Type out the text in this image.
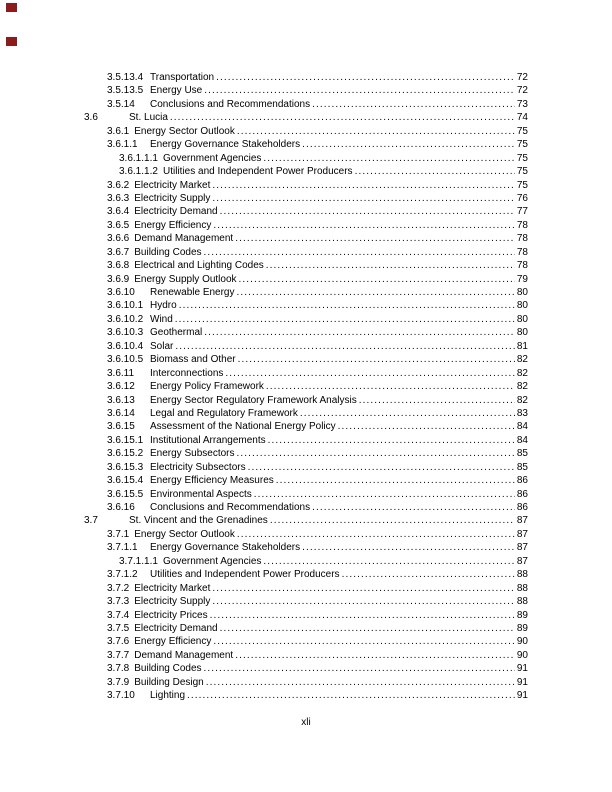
3.5.13.4 Transportation .....	72
3.5.13.5 Energy Use .....	72
3.5.14	Conclusions and Recommendations .....	73
3.6	St. Lucia .....	74
3.6.1 Energy Sector Outlook .....	75
3.6.1.1	Energy Governance Stakeholders .....	75
3.6.1.1.1 Government Agencies .....	75
3.6.1.1.2 Utilities and Independent Power Producers .....	75
3.6.2 Electricity Market .....	75
3.6.3 Electricity Supply .....	76
3.6.4 Electricity Demand .....	77
3.6.5 Energy Efficiency .....	78
3.6.6 Demand Management .....	78
3.6.7 Building Codes .....	78
3.6.8 Electrical and Lighting Codes .....	78
3.6.9 Energy Supply Outlook .....	79
3.6.10	Renewable Energy .....	80
3.6.10.1 Hydro .....	80
3.6.10.2 Wind .....	80
3.6.10.3 Geothermal .....	80
3.6.10.4 Solar .....	81
3.6.10.5 Biomass and Other .....	82
3.6.11	Interconnections .....	82
3.6.12	Energy Policy Framework .....	82
3.6.13	Energy Sector Regulatory Framework Analysis .....	82
3.6.14	Legal and Regulatory Framework .....	83
3.6.15	Assessment of the National Energy Policy .....	84
3.6.15.1 Institutional Arrangements .....	84
3.6.15.2 Energy Subsectors .....	85
3.6.15.3 Electricity Subsectors .....	85
3.6.15.4 Energy Efficiency Measures .....	86
3.6.15.5 Environmental Aspects .....	86
3.6.16	Conclusions and Recommendations .....	86
3.7	St. Vincent and the Grenadines .....	87
3.7.1 Energy Sector Outlook .....	87
3.7.1.1	Energy Governance Stakeholders .....	87
3.7.1.1.1 Government Agencies .....	87
3.7.1.2	Utilities and Independent Power Producers .....	88
3.7.2 Electricity Market .....	88
3.7.3 Electricity Supply .....	88
3.7.4 Electricity Prices .....	89
3.7.5 Electricity Demand .....	89
3.7.6 Energy Efficiency .....	90
3.7.7 Demand Management .....	90
3.7.8 Building Codes .....	91
3.7.9 Building Design .....	91
3.7.10	Lighting .....	91
xli
